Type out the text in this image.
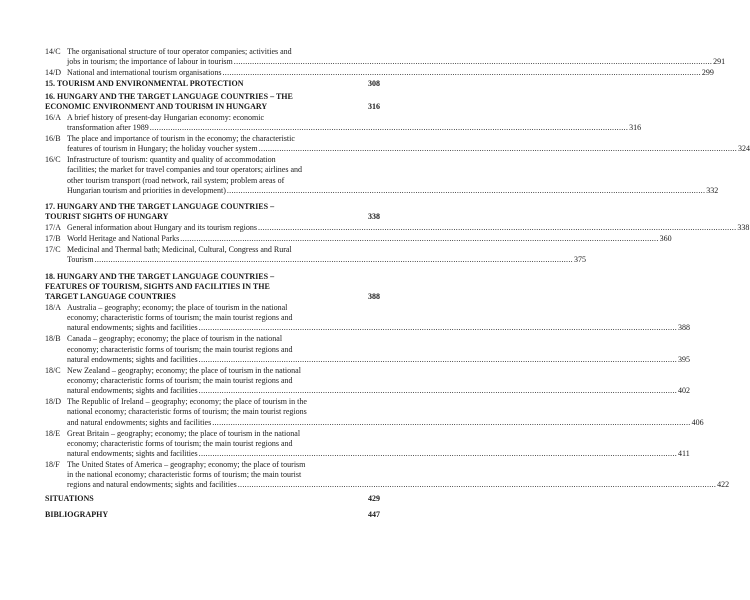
14/C The organisational structure of tour operator companies; activities and
jobs in tourism; the importance of labour in tourism .....	291
14/D National and international tourism organisations .....	299
15. TOURISM AND ENVIRONMENTAL PROTECTION	308
16. HUNGARY AND THE TARGET LANGUAGE COUNTRIES – THE
ECONOMIC ENVIRONMENT AND TOURISM IN HUNGARY	316
16/A A brief history of present-day Hungarian economy: economic
transformation after 1989 .....	316
16/B The place and importance of tourism in the economy; the characteristic
features of tourism in Hungary; the holiday voucher system .....	324
16/C Infrastructure of tourism: quantity and quality of accommodation
facilities; the market for travel companies and tour operators; airlines and
other tourism transport (road network, rail system; problem areas of
Hungarian tourism and priorities in development) .....	332
17. HUNGARY AND THE TARGET LANGUAGE COUNTRIES –
TOURIST SIGHTS OF HUNGARY	338
17/A General information about Hungary and its tourism regions .....	338
17/B World Heritage and National Parks .....	360
17/C Medicinal and Thermal bath; Medicinal, Cultural, Congress and Rural
Tourism .....	375
18. HUNGARY AND THE TARGET LANGUAGE COUNTRIES –
FEATURES OF TOURISM, SIGHTS AND FACILITIES IN THE
TARGET LANGUAGE COUNTRIES	388
18/A Australia – geography; economy; the place of tourism in the national
economy; characteristic forms of tourism; the main tourist regions and
natural endowments; sights and facilities .....	388
18/B Canada – geography; economy; the place of tourism in the national
economy; characteristic forms of tourism; the main tourist regions and
natural endowments; sights and facilities .....	395
18/C New Zealand – geography; economy; the place of tourism in the national
economy; characteristic forms of tourism; the main tourist regions and
natural endowments; sights and facilities .....	402
18/D The Republic of Ireland – geography; economy; the place of tourism in the
national economy; characteristic forms of tourism; the main tourist regions
and natural endowments; sights and facilities .....	406
18/E Great Britain – geography; economy; the place of tourism in the national
economy; characteristic forms of tourism; the main tourist regions and
natural endowments; sights and facilities .....	411
18/F The United States of America – geography; economy; the place of tourism
in the national economy; characteristic forms of tourism; the main tourist
regions and natural endowments; sights and facilities .....	422
SITUATIONS	429
BIBLIOGRAPHY	447
